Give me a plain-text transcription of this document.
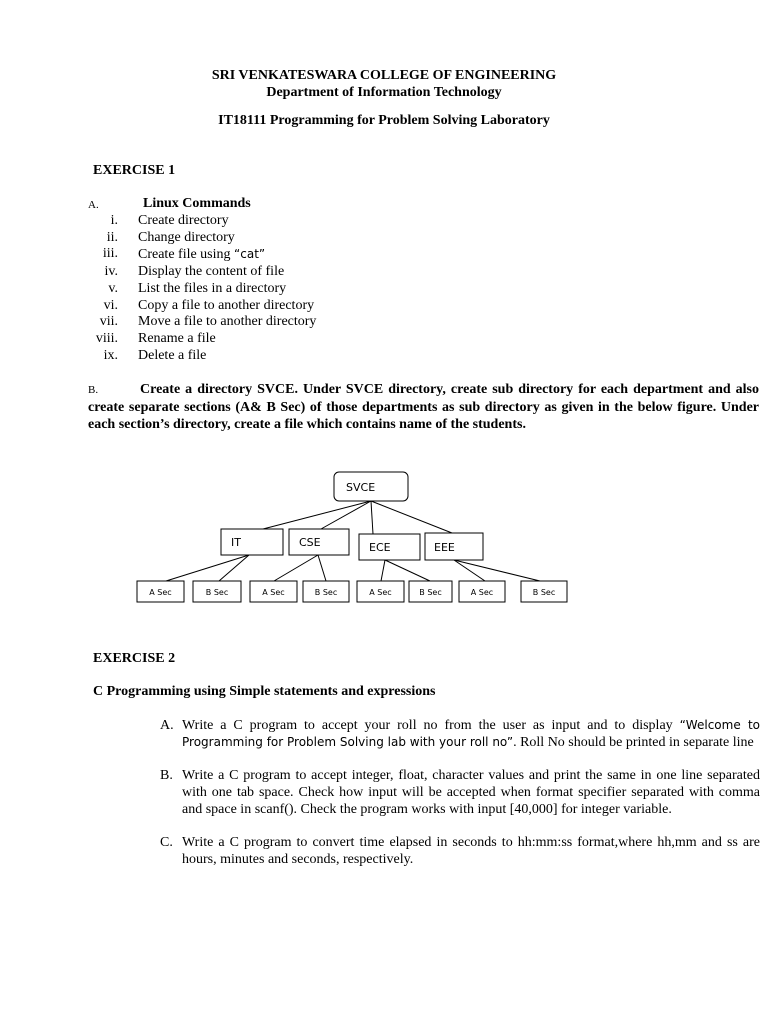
SRI VENKATESWARA COLLEGE OF ENGINEERING
Department of Information Technology
IT18111 Programming for Problem Solving Laboratory
EXERCISE 1
A.	Linux Commands
i.	Create directory
ii.	Change directory
iii.	Create file using “cat”
iv.	Display the content of file
v.	List the files in a directory
vi.	Copy a file to another directory
vii.	Move a file to another directory
viii.	Rename a file
ix.	Delete a file
B.	Create a directory SVCE. Under SVCE directory, create sub directory for each department and also create separate sections (A& B Sec) of those departments as sub directory as given in the below figure. Under each section’s directory, create a file which contains name of the students.
SVCE
IT	CSE	ECE	EEE
A Sec	B Sec	A Sec	B Sec	A Sec	B Sec	A Sec	B Sec
EXERCISE 2
C Programming using Simple statements and expressions
A. Write a C program to accept your roll no from the user as input and to display “Welcome to Programming for Problem Solving lab with your roll no”. Roll No should be printed in separate line
B. Write a C program to accept integer, float, character values and print the same in one line separated with one tab space. Check how input will be accepted when format specifier separated with comma and space in scanf(). Check the program works with input [40,000] for integer variable.
C. Write a C program to convert time elapsed in seconds to hh:mm:ss format,where hh,mm and ss are hours, minutes and seconds, respectively.
